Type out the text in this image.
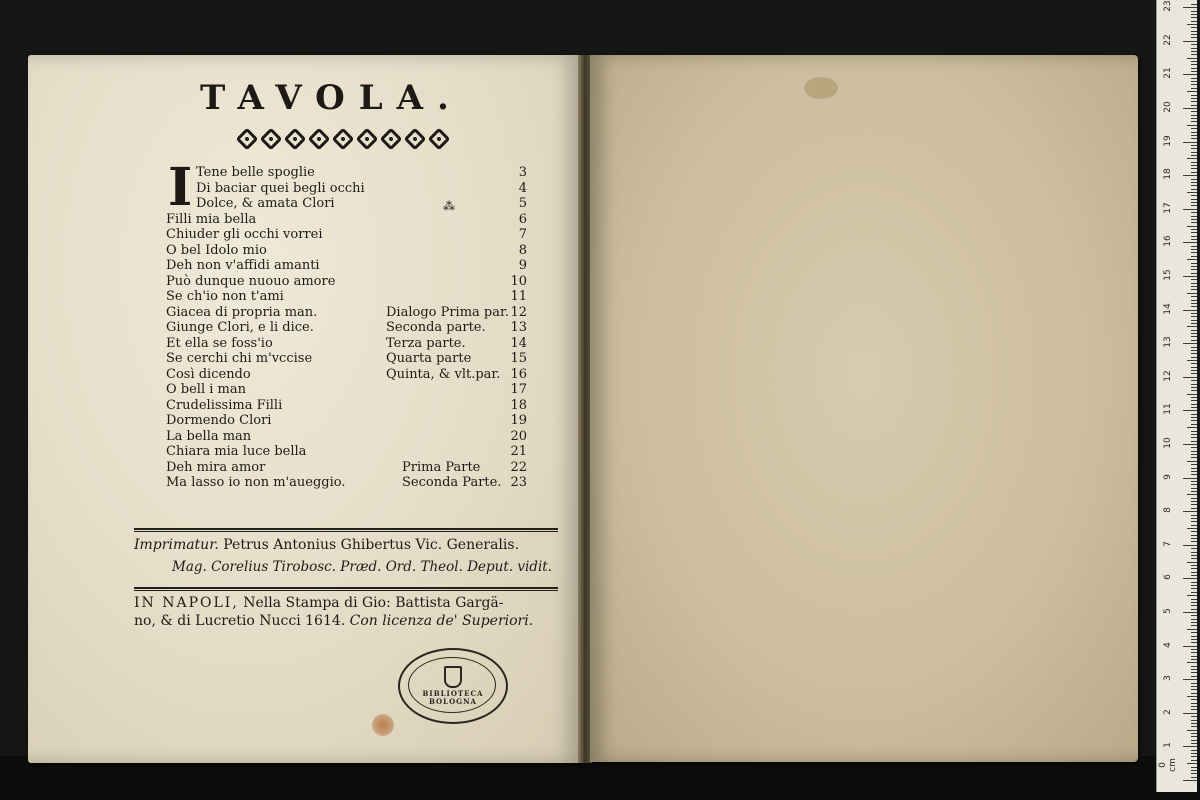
TAVOLA.
I	⁂
Tene belle spoglie	3
Di baciar quei begli occhi	4
Dolce, & amata Clori	5
Filli mia bella	6
Chiuder gli occhi vorrei	7
O bel Idolo mio	8
Deh non v'affidi amanti	9
Può dunque nuouo amore	10
Se ch'io non t'ami	11
Giacea di propria man.	Dialogo Prima par. 12
Giunge Clori, e li dice.	Seconda parte.	13
Et ella se foss'io	Terza parte.	14
Se cerchi chi m'vccise	Quarta parte	15
Così dicendo	Quinta, & vlt.par. 16
O bell i man	17
Crudelissima Filli	18
Dormendo Clori	19
La bella man	20
Chiara mia luce bella	21
Deh mira amor	Prima Parte	22
Ma lasso io non m'aueggio.	Seconda Parte. 23
Imprimatur. Petrus Antonius Ghibertus Vic. Generalis.
Mag. Corelius Tirobosc. Præd. Ord. Theol. Deput. vidit.
IN NAPOLI, Nella Stampa di Gio: Battista Gargä-
no, & di Lucretio Nucci 1614. Con licenza de' Superiori.
BIBLIOTECA
BOLOGNA
0 cm
1
2
3
4
5
6
7
8
9
10
11
12
13
14
15
16
17
18
19
20
21
22
23
